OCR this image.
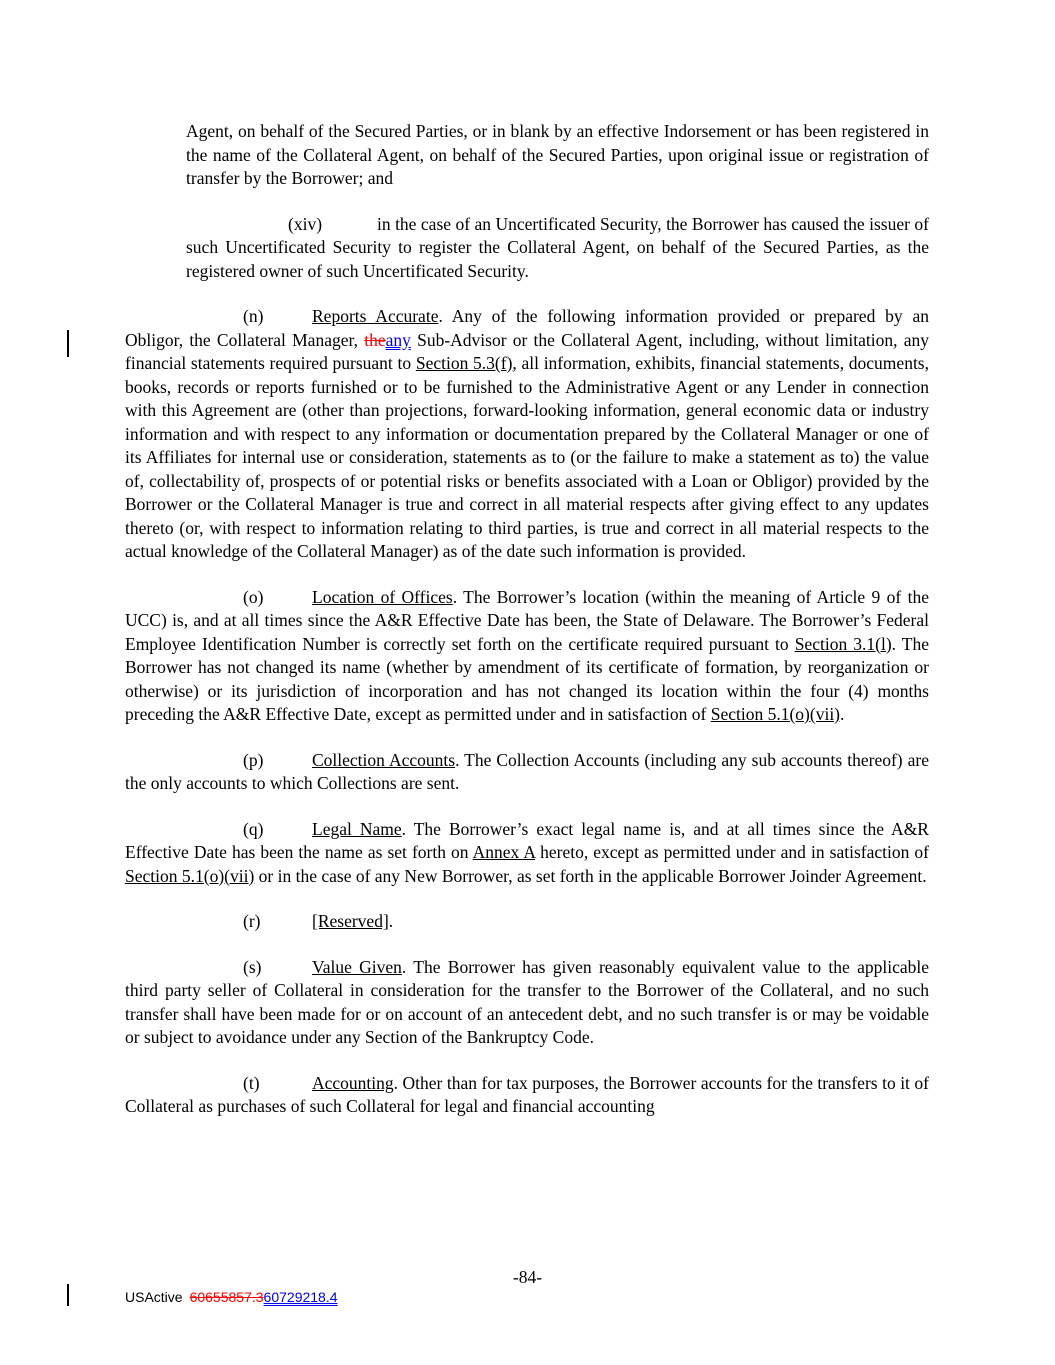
Agent, on behalf of the Secured Parties, or in blank by an effective Indorsement or has been registered in the name of the Collateral Agent, on behalf of the Secured Parties, upon original issue or registration of transfer by the Borrower; and

(xiv)	in the case of an Uncertificated Security, the Borrower has caused the issuer of such Uncertificated Security to register the Collateral Agent, on behalf of the Secured Parties, as the registered owner of such Uncertificated Security.

(n)	Reports Accurate. Any of the following information provided or prepared by an Obligor, the Collateral Manager, theany Sub-Advisor or the Collateral Agent, including, without limitation, any financial statements required pursuant to Section 5.3(f), all information, exhibits, financial statements, documents, books, records or reports furnished or to be furnished to the Administrative Agent or any Lender in connection with this Agreement are (other than projections, forward-looking information, general economic data or industry information and with respect to any information or documentation prepared by the Collateral Manager or one of its Affiliates for internal use or consideration, statements as to (or the failure to make a statement as to) the value of, collectability of, prospects of or potential risks or benefits associated with a Loan or Obligor) provided by the Borrower or the Collateral Manager is true and correct in all material respects after giving effect to any updates thereto (or, with respect to information relating to third parties, is true and correct in all material respects to the actual knowledge of the Collateral Manager) as of the date such information is provided.

(o)	Location of Offices. The Borrower’s location (within the meaning of Article 9 of the UCC) is, and at all times since the A&R Effective Date has been, the State of Delaware. The Borrower’s Federal Employee Identification Number is correctly set forth on the certificate required pursuant to Section 3.1(l). The Borrower has not changed its name (whether by amendment of its certificate of formation, by reorganization or otherwise) or its jurisdiction of incorporation and has not changed its location within the four (4) months preceding the A&R Effective Date, except as permitted under and in satisfaction of Section 5.1(o)(vii).

(p)	Collection Accounts. The Collection Accounts (including any sub accounts thereof) are the only accounts to which Collections are sent.

(q)	Legal Name. The Borrower’s exact legal name is, and at all times since the A&R Effective Date has been the name as set forth on Annex A hereto, except as permitted under and in satisfaction of Section 5.1(o)(vii) or in the case of any New Borrower, as set forth in the applicable Borrower Joinder Agreement.

(r)	[Reserved].

(s)	Value Given. The Borrower has given reasonably equivalent value to the applicable third party seller of Collateral in consideration for the transfer to the Borrower of the Collateral, and no such transfer shall have been made for or on account of an antecedent debt, and no such transfer is or may be voidable or subject to avoidance under any Section of the Bankruptcy Code.

(t)	Accounting. Other than for tax purposes, the Borrower accounts for the transfers to it of Collateral as purchases of such Collateral for legal and financial accounting

-84-
USActive 60655857.360729218.4
